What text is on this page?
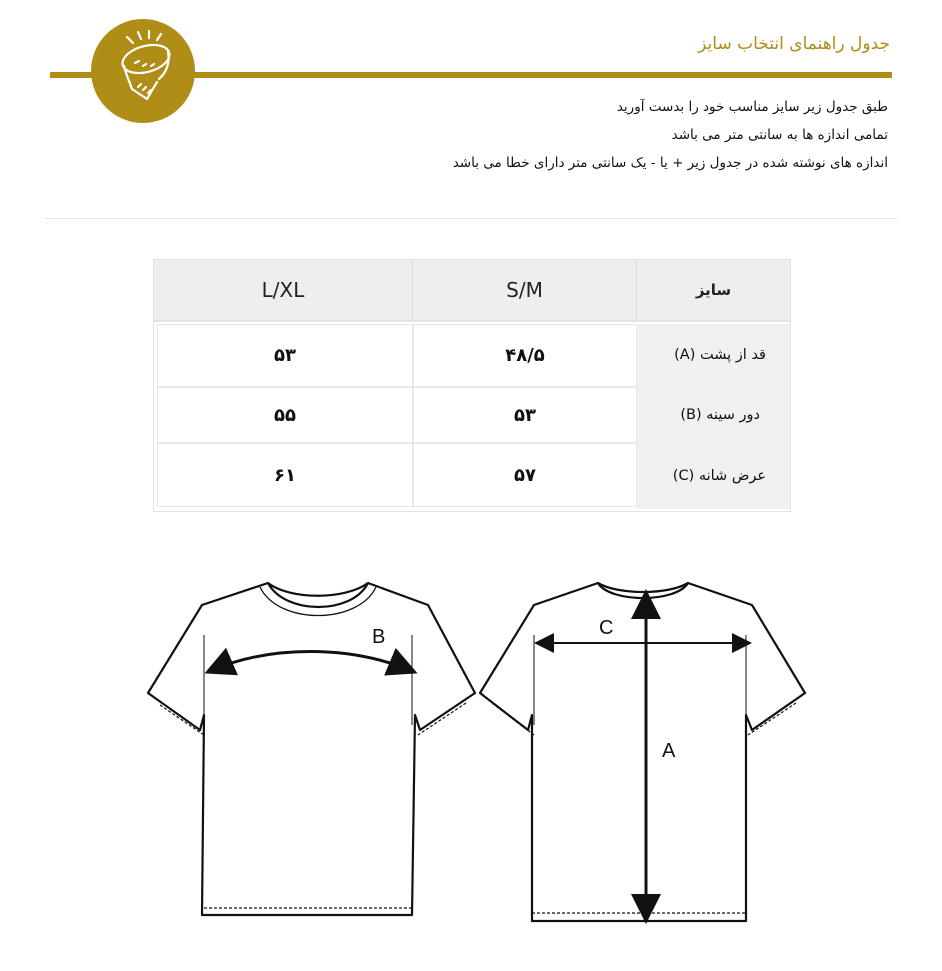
جدول راهنمای انتخاب سایز
طبق جدول زیر سایز مناسب خود را بدست آورید
تمامی اندازه ها به سانتی متر می باشد
اندازه های نوشته شده در جدول زیر + یا - یک سانتی متر دارای خطا می باشد
L/XL	S/M	سایز
۵۳	۴۸/۵	قد از پشت (A)
۵۵	۵۳	دور سینه (B)
۶۱	۵۷	عرض شانه (C)
B	C
A
